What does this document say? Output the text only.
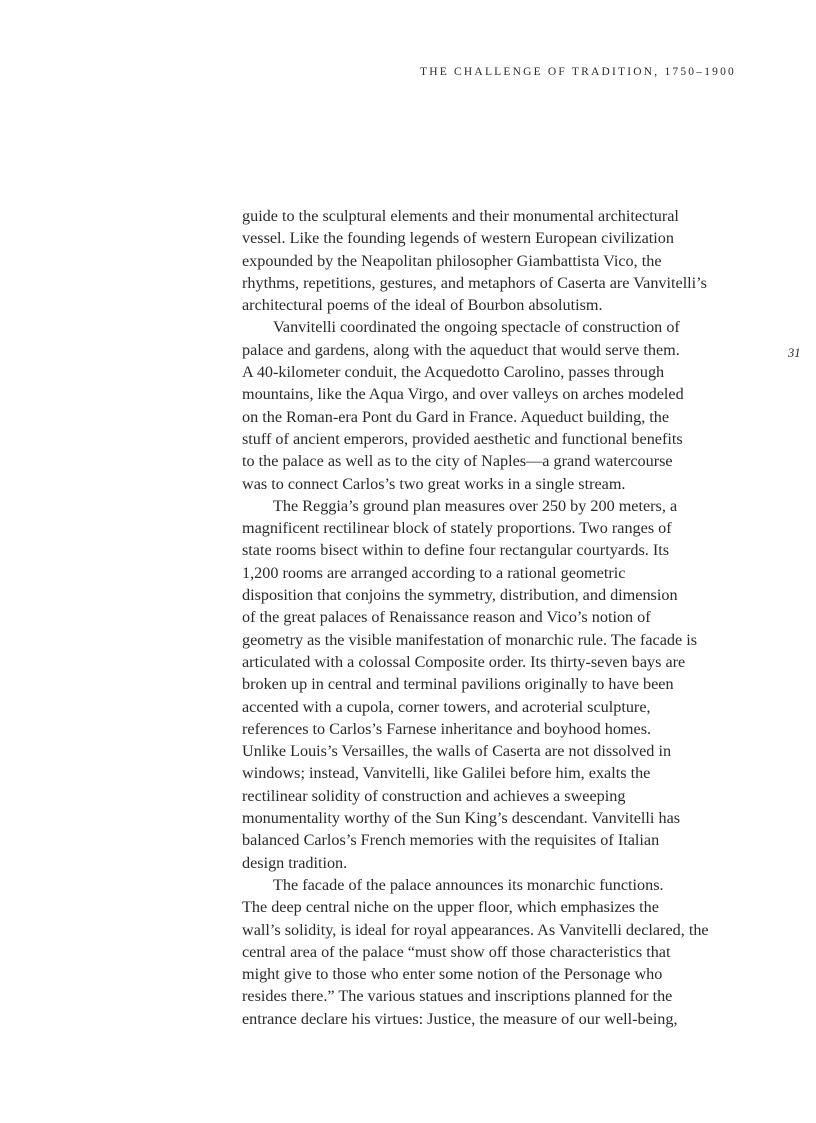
THE CHALLENGE OF TRADITION, 1750–1900
31
guide to the sculptural elements and their monumental architectural
vessel. Like the founding legends of western European civilization
expounded by the Neapolitan philosopher Giambattista Vico, the
rhythms, repetitions, gestures, and metaphors of Caserta are Vanvitelli’s
architectural poems of the ideal of Bourbon absolutism.
Vanvitelli coordinated the ongoing spectacle of construction of
palace and gardens, along with the aqueduct that would serve them.
A 40-kilometer conduit, the Acquedotto Carolino, passes through
mountains, like the Aqua Virgo, and over valleys on arches modeled
on the Roman-era Pont du Gard in France. Aqueduct building, the
stuff of ancient emperors, provided aesthetic and functional benefits
to the palace as well as to the city of Naples—a grand watercourse
was to connect Carlos’s two great works in a single stream.
The Reggia’s ground plan measures over 250 by 200 meters, a
magnificent rectilinear block of stately proportions. Two ranges of
state rooms bisect within to define four rectangular courtyards. Its
1,200 rooms are arranged according to a rational geometric
disposition that conjoins the symmetry, distribution, and dimension
of the great palaces of Renaissance reason and Vico’s notion of
geometry as the visible manifestation of monarchic rule. The facade is
articulated with a colossal Composite order. Its thirty-seven bays are
broken up in central and terminal pavilions originally to have been
accented with a cupola, corner towers, and acroterial sculpture,
references to Carlos’s Farnese inheritance and boyhood homes.
Unlike Louis’s Versailles, the walls of Caserta are not dissolved in
windows; instead, Vanvitelli, like Galilei before him, exalts the
rectilinear solidity of construction and achieves a sweeping
monumentality worthy of the Sun King’s descendant. Vanvitelli has
balanced Carlos’s French memories with the requisites of Italian
design tradition.
The facade of the palace announces its monarchic functions.
The deep central niche on the upper floor, which emphasizes the
wall’s solidity, is ideal for royal appearances. As Vanvitelli declared, the
central area of the palace “must show off those characteristics that
might give to those who enter some notion of the Personage who
resides there.” The various statues and inscriptions planned for the
entrance declare his virtues: Justice, the measure of our well-being,
